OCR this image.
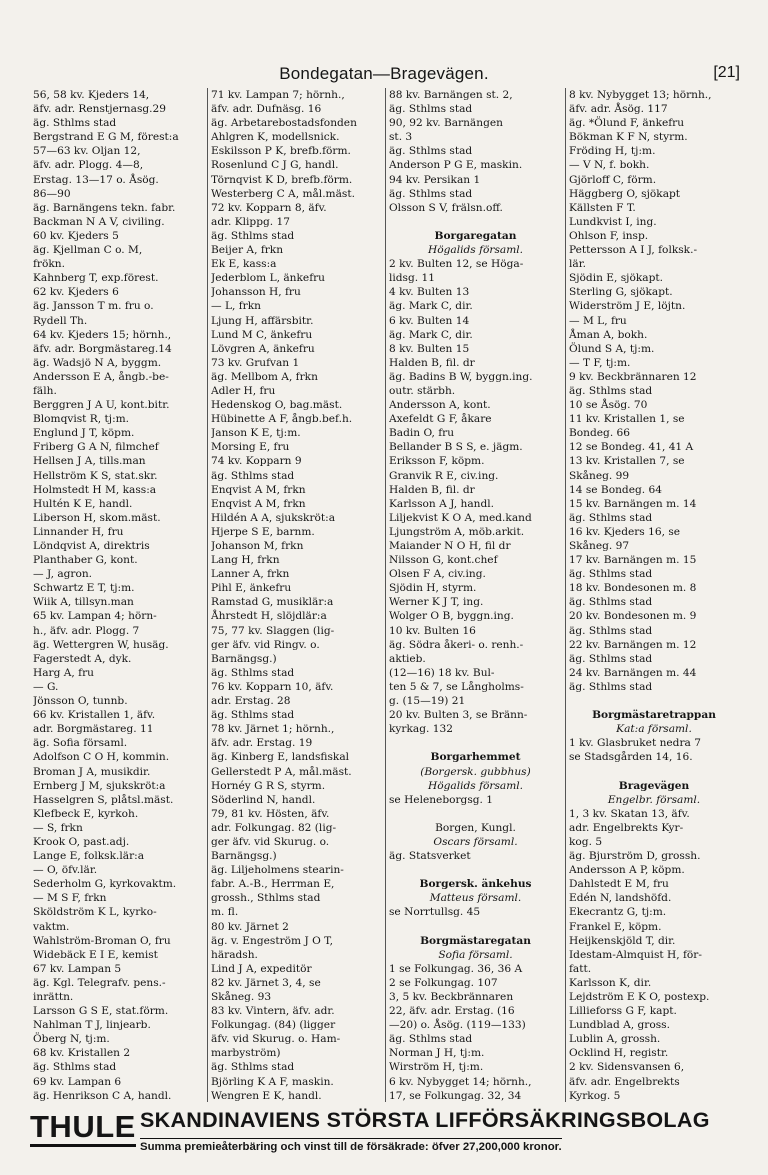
Bondegatan—Bragevägen.	[21]
56, 58 kv. Kjeders 14,
äfv. adr. Renstjernasg.29
äg. Sthlms stad
Bergstrand E G M, förest:a
57—63 kv. Oljan 12,
äfv. adr. Plogg. 4—8,
Erstag. 13—17 o. Åsög.
86—90
äg. Barnängens tekn. fabr.
Backman N A V, civiling.
60 kv. Kjeders 5
äg. Kjellman C o. M,
frökn.
Kahnberg T, exp.förest.
62 kv. Kjeders 6
äg. Jansson T m. fru o.
Rydell Th.
64 kv. Kjeders 15; hörnh.,
äfv. adr. Borgmästareg.14
äg. Wadsjö N A, byggm.
Andersson E A, ångb.-be-
fälh.
Berggren J A U, kont.bitr.
Blomqvist R, tj:m.
Englund J T, köpm.
Friberg G A N, filmchef
Hellsen J A, tills.man
Hellström K S, stat.skr.
Holmstedt H M, kass:a
Hultén K E, handl.
Liberson H, skom.mäst.
Linnander H, fru
Löndqvist A, direktris
Planthaber G, kont.
— J, agron.
Schwartz E T, tj:m.
Wiik A, tillsyn.man
65 kv. Lampan 4; hörn-
h., äfv. adr. Plogg. 7
äg. Wettergren W, husäg.
Fagerstedt A, dyk.
Harg A, fru
— G.
Jönsson O, tunnb.
66 kv. Kristallen 1, äfv.
adr. Borgmästareg. 11
äg. Sofia församl.
Adolfson C O H, kommin.
Broman J A, musikdir.
Ernberg J M, sjukskröt:a
Hasselgren S, plåtsl.mäst.
Klefbeck E, kyrkoh.
— S, frkn
Krook O, past.adj.
Lange E, folksk.lär:a
— O, öfv.lär.
Sederholm G, kyrkovaktm.
— M S F, frkn
Sköldström K L, kyrko-
vaktm.
Wahlström-Broman O, fru
Widebäck E I E, kemist
67 kv. Lampan 5
äg. Kgl. Telegrafv. pens.-
inrättn.
Larsson G S E, stat.förm.
Nahlman T J, linjearb.
Öberg N, tj:m.
68 kv. Kristallen 2
äg. Sthlms stad
69 kv. Lampan 6
äg. Henrikson C A, handl.
71 kv. Lampan 7; hörnh.,
äfv. adr. Dufnäsg. 16
äg. Arbetarebostadsfonden
Ahlgren K, modellsnick.
Eskilsson P K, brefb.förm.
Rosenlund C J G, handl.
Törnqvist K D, brefb.förm.
Westerberg C A, mål.mäst.
72 kv. Kopparn 8, äfv.
adr. Klippg. 17
äg. Sthlms stad
Beijer A, frkn
Ek E, kass:a
Jederblom L, änkefru
Johansson H, fru
— L, frkn
Ljung H, affärsbitr.
Lund M C, änkefru
Lövgren A, änkefru
73 kv. Grufvan 1
äg. Mellbom A, frkn
Adler H, fru
Hedenskog O, bag.mäst.
Hübinette A F, ångb.bef.h.
Janson K E, tj:m.
Morsing E, fru
74 kv. Kopparn 9
äg. Sthlms stad
Enqvist A M, frkn
Enqvist A M, frkn
Hildén A A, sjukskröt:a
Hjerpe S E, barnm.
Johanson M, frkn
Lang H, frkn
Lanner A, frkn
Pihl E, änkefru
Ramstad G, musiklär:a
Åhrstedt H, slöjdlär:a
75, 77 kv. Slaggen (lig-
ger äfv. vid Ringv. o.
Barnängsg.)
äg. Sthlms stad
76 kv. Kopparn 10, äfv.
adr. Erstag. 28
äg. Sthlms stad
78 kv. Järnet 1; hörnh.,
äfv. adr. Erstag. 19
äg. Kinberg E, landsfiskal
Gellerstedt P A, mål.mäst.
Hornéy G R S, styrm.
Söderlind N, handl.
79, 81 kv. Hösten, äfv.
adr. Folkungag. 82 (lig-
ger äfv. vid Skurug. o.
Barnängsg.)
äg. Liljeholmens stearin-
fabr. A.-B., Herrman E,
grossh., Sthlms stad
m. fl.
80 kv. Järnet 2
äg. v. Engeström J O T,
häradsh.
Lind J A, expeditör
82 kv. Järnet 3, 4, se
Skåneg. 93
83 kv. Vintern, äfv. adr.
Folkungag. (84) (ligger
äfv. vid Skurug. o. Ham-
marbyström)
äg. Sthlms stad
Björling K A F, maskin.
Wengren E K, handl.
88 kv. Barnängen st. 2,
äg. Sthlms stad
90, 92 kv. Barnängen
st. 3
äg. Sthlms stad
Anderson P G E, maskin.
94 kv. Persikan 1
äg. Sthlms stad
Olsson S V, frälsn.off.

Borgaregatan
Högalids församl.
2 kv. Bulten 12, se Höga-
lidsg. 11
4 kv. Bulten 13
äg. Mark C, dir.
6 kv. Bulten 14
äg. Mark C, dir.
8 kv. Bulten 15
Halden B, fil. dr
äg. Badins B W, byggn.ing.
outr. stärbh.
Andersson A, kont.
Axefeldt G F, åkare
Badin O, fru
Bellander B S S, e. jägm.
Eriksson F, köpm.
Granvik R E, civ.ing.
Halden B, fil. dr
Karlsson A J, handl.
Liljekvist K O A, med.kand
Ljungström A, möb.arkit.
Maiander N O H, fil dr
Nilsson G, kont.chef
Olsen F A, civ.ing.
Sjödin H, styrm.
Werner K J T, ing.
Wolger O B, byggn.ing.
10 kv. Bulten 16
äg. Södra åkeri- o. renh.-
aktieb.
(12—16) 18 kv. Bul-
ten 5 & 7, se Långholms-
g. (15—19) 21
20 kv. Bulten 3, se Bränn-
kyrkag. 132

Borgarhemmet
(Borgersk. gubbhus)
Högalids församl.
se Heleneborgsg. 1

Borgen, Kungl.
Oscars församl.
äg. Statsverket

Borgersk. änkehus
Matteus församl.
se Norrtullsg. 45

Borgmästaregatan
Sofia församl.
1 se Folkungag. 36, 36 A
2 se Folkungag. 107
3, 5 kv. Beckbrännaren
22, äfv. adr. Erstag. (16
—20) o. Åsög. (119—133)
äg. Sthlms stad
Norman J H, tj:m.
Wirström H, tj:m.
6 kv. Nybygget 14; hörnh.,
17, se Folkungag. 32, 34
8 kv. Nybygget 13; hörnh.,
äfv. adr. Åsög. 117
äg. *Ölund F, änkefru
Bökman K F N, styrm.
Fröding H, tj:m.
— V N, f. bokh.
Gjörloff C, förm.
Häggberg O, sjökapt
Källsten F T.
Lundkvist I, ing.
Ohlson F, insp.
Pettersson A I J, folksk.-
lär.
Sjödin E, sjökapt.
Sterling G, sjökapt.
Widerström J E, löjtn.
— M L, fru
Åman A, bokh.
Ölund S A, tj:m.
— T F, tj:m.
9 kv. Beckbrännaren 12
äg. Sthlms stad
10 se Åsög. 70
11 kv. Kristallen 1, se
Bondeg. 66
12 se Bondeg. 41, 41 A
13 kv. Kristallen 7, se
Skåneg. 99
14 se Bondeg. 64
15 kv. Barnängen m. 14
äg. Sthlms stad
16 kv. Kjeders 16, se
Skåneg. 97
17 kv. Barnängen m. 15
äg. Sthlms stad
18 kv. Bondesonen m. 8
äg. Sthlms stad
20 kv. Bondesonen m. 9
äg. Sthlms stad
22 kv. Barnängen m. 12
äg. Sthlms stad
24 kv. Barnängen m. 44
äg. Sthlms stad

Borgmästaretrappan
Kat:a församl.
1 kv. Glasbruket nedra 7
se Stadsgården 14, 16.

Bragevägen
Engelbr. församl.
1, 3 kv. Skatan 13, äfv.
adr. Engelbrekts Kyr-
kog. 5
äg. Bjurström D, grossh.
Andersson A P, köpm.
Dahlstedt E M, fru
Edén N, landshöfd.
Ekecrantz G, tj:m.
Frankel E, köpm.
Heijkenskjöld T, dir.
Idestam-Almquist H, för-
fatt.
Karlsson K, dir.
Lejdström E K O, postexp.
Lillieforss G F, kapt.
Lundblad A, gross.
Lublin A, grossh.
Ocklind H, registr.
2 kv. Sidensvansen 6,
äfv. adr. Engelbrekts
Kyrkog. 5
THULE SKANDINAVIENS STÖRSTA LIFFÖRSÄKRINGSBOLAG
Summa premieåterbäring och vinst till de försäkrade: öfver 27,200,000 kronor.
